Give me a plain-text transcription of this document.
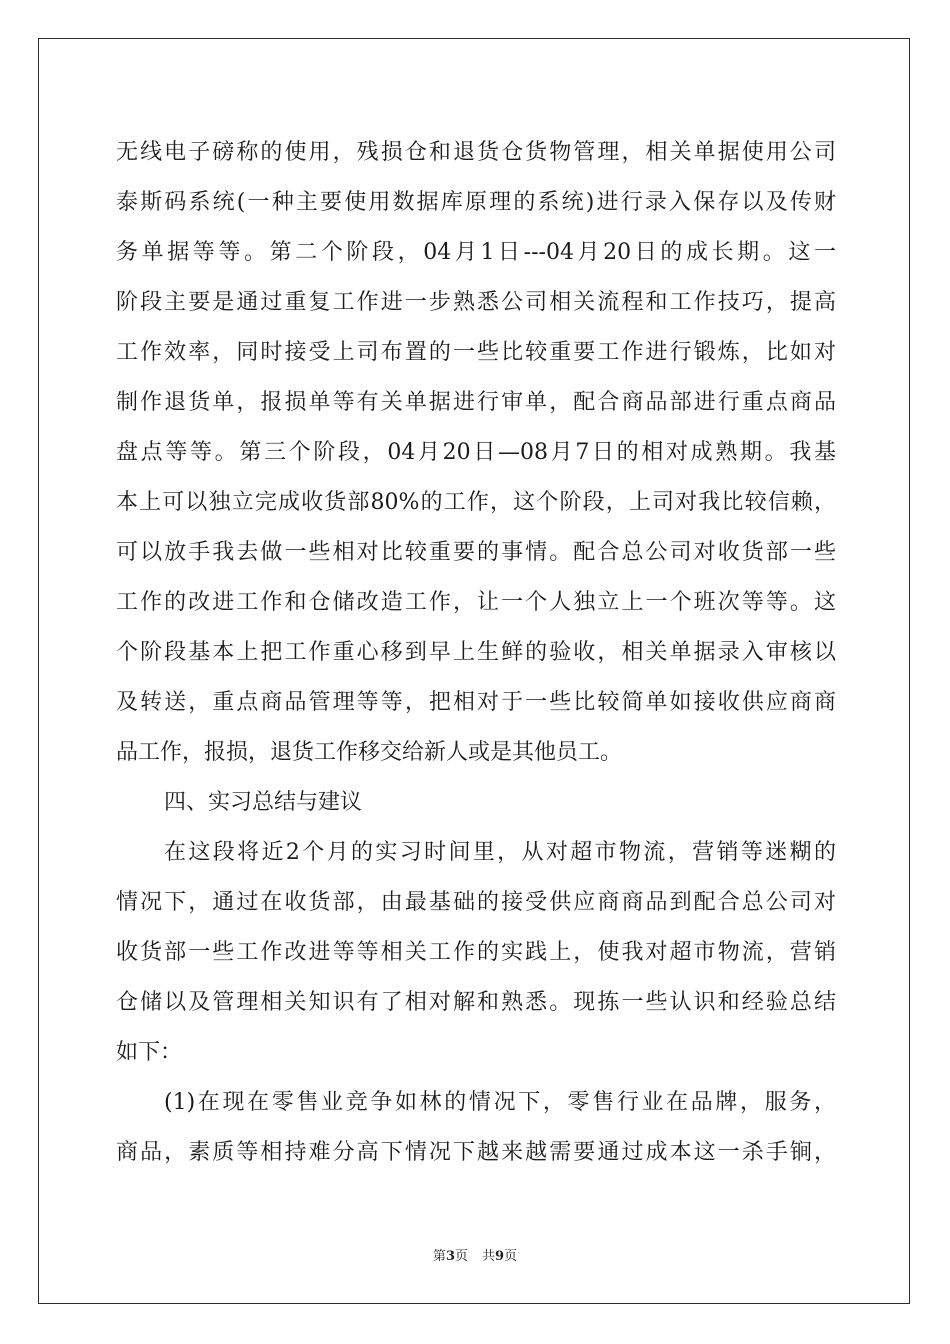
无线电子磅称的使用，残损仓和退货仓货物管理，相关单据使用公司
泰斯码系统(一种主要使用数据库原理的系统)进行录入保存以及传财
务单据等等。第二个阶段，04月1日---04月20日的成长期。这一
阶段主要是通过重复工作进一步熟悉公司相关流程和工作技巧，提高
工作效率，同时接受上司布置的一些比较重要工作进行锻炼，比如对
制作退货单，报损单等有关单据进行审单，配合商品部进行重点商品
盘点等等。第三个阶段，04月20日—08月7日的相对成熟期。我基
本上可以独立完成收货部80%的工作，这个阶段，上司对我比较信赖，
可以放手我去做一些相对比较重要的事情。配合总公司对收货部一些
工作的改进工作和仓储改造工作，让一个人独立上一个班次等等。这
个阶段基本上把工作重心移到早上生鲜的验收，相关单据录入审核以
及转送，重点商品管理等等，把相对于一些比较简单如接收供应商商
品工作，报损，退货工作移交给新人或是其他员工。
四、实习总结与建议
在这段将近2个月的实习时间里，从对超市物流，营销等迷糊的
情况下，通过在收货部，由最基础的接受供应商商品到配合总公司对
收货部一些工作改进等等相关工作的实践上，使我对超市物流，营销
仓储以及管理相关知识有了相对解和熟悉。现拣一些认识和经验总结
如下：
(1)在现在零售业竞争如林的情况下，零售行业在品牌，服务，
商品，素质等相持难分高下情况下越来越需要通过成本这一杀手锏，
第3页 共9页
